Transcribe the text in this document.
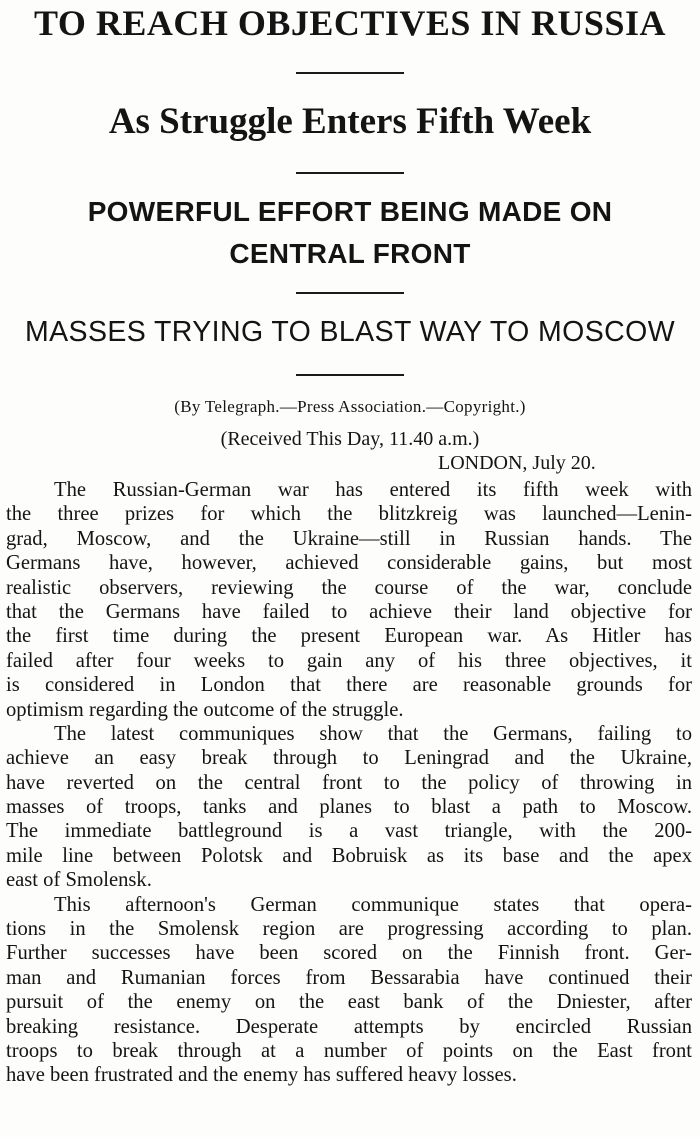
TO REACH OBJECTIVES IN RUSSIA
As Struggle Enters Fifth Week
POWERFUL EFFORT BEING MADE ON
CENTRAL FRONT
MASSES TRYING TO BLAST WAY TO MOSCOW
(By Telegraph.—Press Association.—Copyright.)
(Received This Day, 11.40 a.m.)
LONDON, July 20.
The Russian-German war has entered its fifth week with
the three prizes for which the blitzkreig was launched—Lenin-
grad, Moscow, and the Ukraine—still in Russian hands. The
Germans have, however, achieved considerable gains, but most
realistic observers, reviewing the course of the war, conclude
that the Germans have failed to achieve their land objective for
the first time during the present European war. As Hitler has
failed after four weeks to gain any of his three objectives, it
is considered in London that there are reasonable grounds for
optimism regarding the outcome of the struggle.
The latest communiques show that the Germans, failing to
achieve an easy break through to Leningrad and the Ukraine,
have reverted on the central front to the policy of throwing in
masses of troops, tanks and planes to blast a path to Moscow.
The immediate battleground is a vast triangle, with the 200-
mile line between Polotsk and Bobruisk as its base and the apex
east of Smolensk.
This afternoon's German communique states that opera-
tions in the Smolensk region are progressing according to plan.
Further successes have been scored on the Finnish front. Ger-
man and Rumanian forces from Bessarabia have continued their
pursuit of the enemy on the east bank of the Dniester, after
breaking resistance. Desperate attempts by encircled Russian
troops to break through at a number of points on the East front
have been frustrated and the enemy has suffered heavy losses.
